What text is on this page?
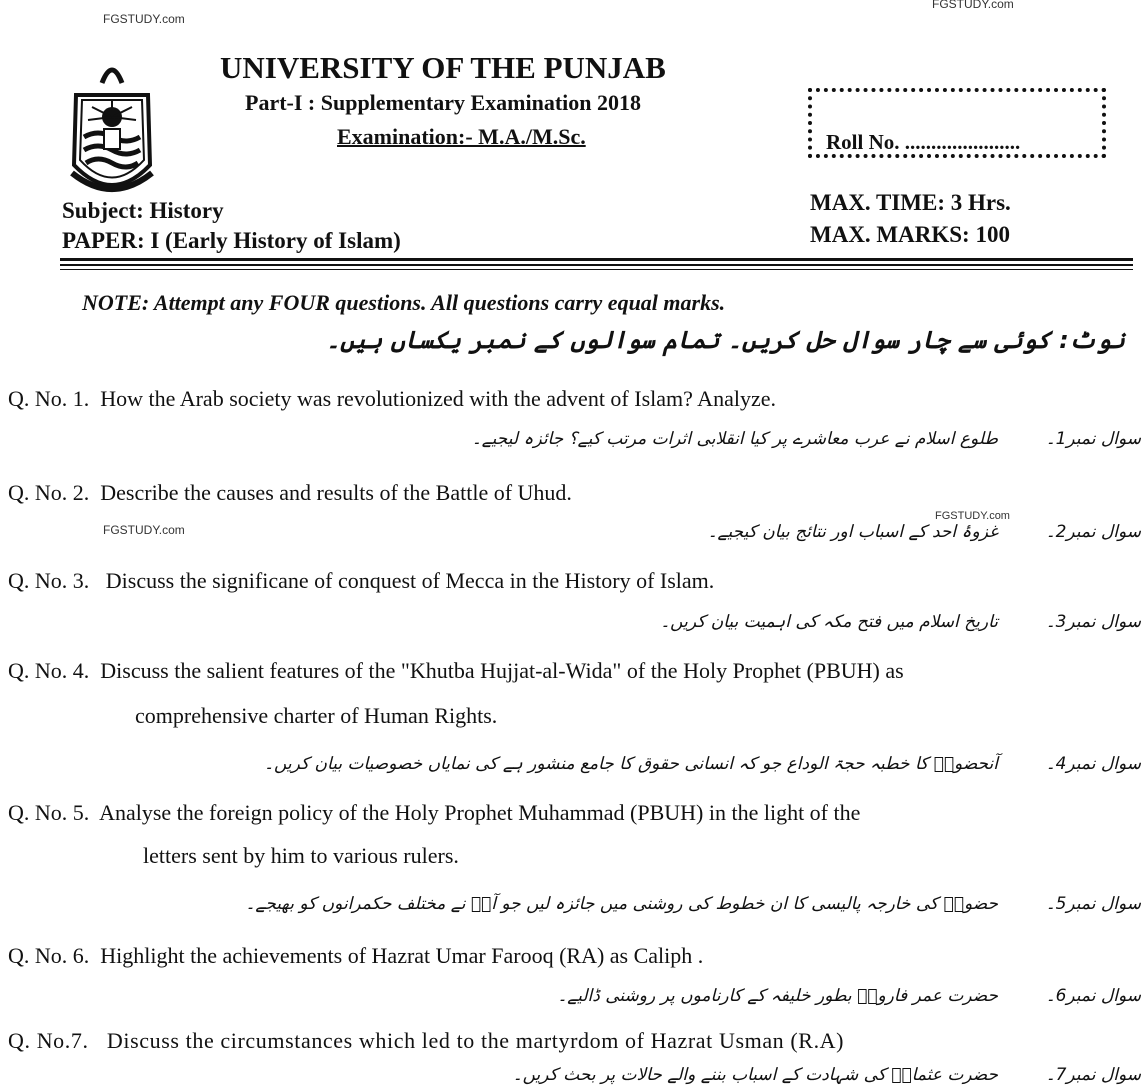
FGSTUDY.com
FGSTUDY.com
FGSTUDY.com
FGSTUDY.com
UNIVERSITY OF THE PUNJAB
Part-I : Supplementary Examination 2018
Examination:- M.A./M.Sc.	Roll No. ......................
Subject: History
PAPER: I (Early History of Islam)
MAX. TIME: 3 Hrs.
MAX. MARKS: 100
NOTE: Attempt any FOUR questions. All questions carry equal marks.
نوٹ: کوئی سے چار سوال حل کریں۔ تمام سوالوں کے نمبر یکساں ہیں۔
Q. No. 1. How the Arab society was revolutionized with the advent of Islam? Analyze.
طلوع اسلام نے عرب معاشرے پر کیا انقلابی اثرات مرتب کیے؟ جائزہ لیجیے۔	سوال نمبر1۔
Q. No. 2. Describe the causes and results of the Battle of Uhud.
غزوۂ احد کے اسباب اور نتائج بیان کیجیے۔	سوال نمبر2۔
Q. No. 3. Discuss the significane of conquest of Mecca in the History of Islam.
تاریخ اسلام میں فتح مکہ کی اہمیت بیان کریں۔	سوال نمبر3۔
Q. No. 4. Discuss the salient features of the "Khutba Hujjat-al-Wida" of the Holy Prophet (PBUH) as
comprehensive charter of Human Rights.
آنحضورؐ کا خطبہ حجۃ الوداع جو کہ انسانی حقوق کا جامع منشور ہے کی نمایاں خصوصیات بیان کریں۔	سوال نمبر4۔
Q. No. 5. Analyse the foreign policy of the Holy Prophet Muhammad (PBUH) in the light of the
letters sent by him to various rulers.
حضورؐ کی خارجہ پالیسی کا ان خطوط کی روشنی میں جائزہ لیں جو آپؐ نے مختلف حکمرانوں کو بھیجے۔	سوال نمبر5۔
Q. No. 6. Highlight the achievements of Hazrat Umar Farooq (RA) as Caliph .
حضرت عمر فاروقؓ بطور خلیفہ کے کارناموں پر روشنی ڈالیے۔	سوال نمبر6۔
Q. No.7. Discuss the circumstances which led to the martyrdom of Hazrat Usman (R.A)
حضرت عثمانؓ کی شہادت کے اسباب بننے والے حالات پر بحث کریں۔	سوال نمبر7۔
